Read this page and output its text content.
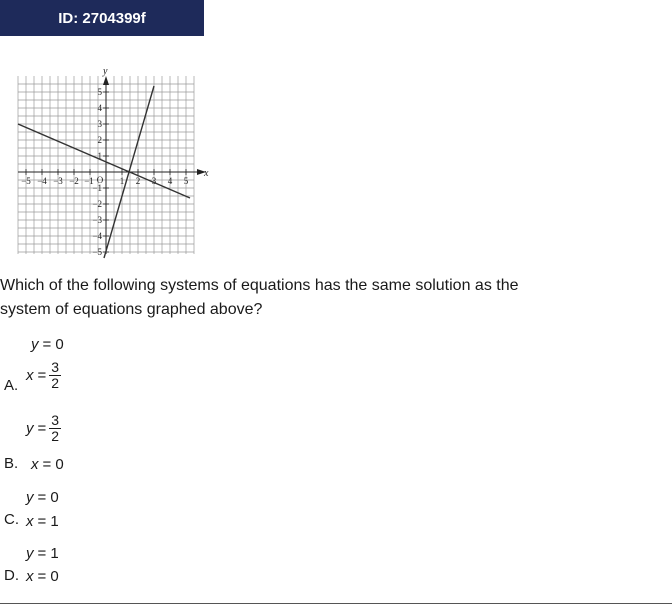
ID: 2704399f
−5 −4 −3 −2 −1	1 2 3 4 5
5
4
3
2
1
−1
−2
−3
−4
−5
O
x
y
Which of the following systems of equations has the same solution as the system of equations graphed above?
y = 0
A.
$x = \frac{3}{2}$
$y = \frac{3}{2}$
B. x = 0
y = 0
C. x = 1
y = 1
D. x = 0
